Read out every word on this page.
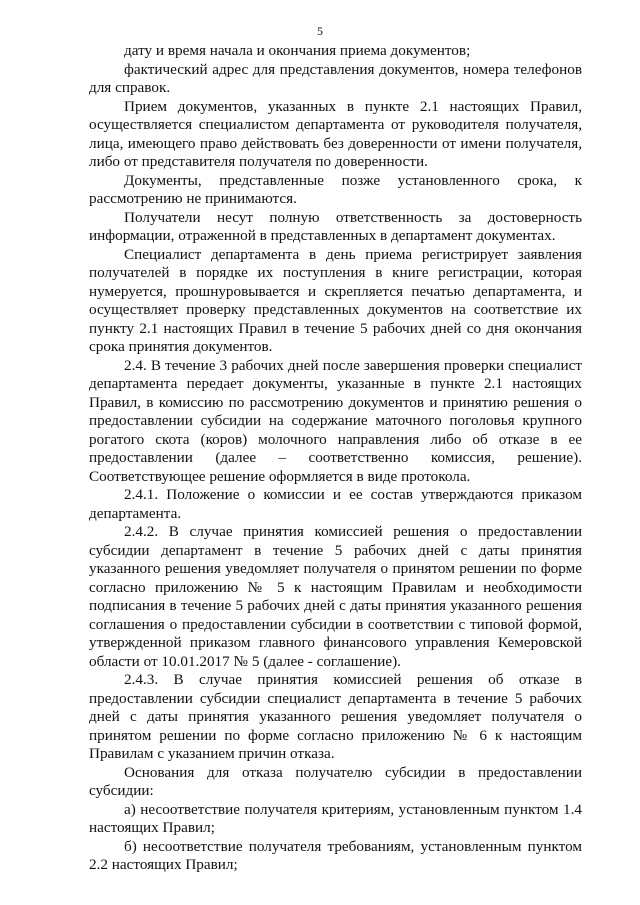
5

дату и время начала и окончания приема документов;

фактический адрес для представления документов, номера телефонов для справок.

Прием документов, указанных в пункте 2.1 настоящих Правил, осуществляется специалистом департамента от руководителя получателя, лица, имеющего право действовать без доверенности от имени получателя, либо от представителя получателя по доверенности.

Документы, представленные позже установленного срока, к рассмотрению не принимаются.

Получатели несут полную ответственность за достоверность информации, отраженной в представленных в департамент документах.

Специалист департамента в день приема регистрирует заявления получателей в порядке их поступления в книге регистрации, которая нумеруется, прошнуровывается и скрепляется печатью департамента, и осуществляет проверку представленных документов на соответствие их пункту 2.1 настоящих Правил в течение 5 рабочих дней со дня окончания срока принятия документов.

2.4. В течение 3 рабочих дней после завершения проверки специалист департамента передает документы, указанные в пункте 2.1 настоящих Правил, в комиссию по рассмотрению документов и принятию решения о предоставлении субсидии на содержание маточного поголовья крупного рогатого скота (коров) молочного направления либо об отказе в ее предоставлении (далее – соответственно комиссия, решение). Соответствующее решение оформляется в виде протокола.

2.4.1. Положение о комиссии и ее состав утверждаются приказом департамента.

2.4.2. В случае принятия комиссией решения о предоставлении субсидии департамент в течение 5 рабочих дней с даты принятия указанного решения уведомляет получателя о принятом решении по форме согласно приложению № 5 к настоящим Правилам и необходимости подписания в течение 5 рабочих дней с даты принятия указанного решения соглашения о предоставлении субсидии в соответствии с типовой формой, утвержденной приказом главного финансового управления Кемеровской области от 10.01.2017 № 5 (далее - соглашение).

2.4.3. В случае принятия комиссией решения об отказе в предоставлении субсидии специалист департамента в течение 5 рабочих дней с даты принятия указанного решения уведомляет получателя о принятом решении по форме согласно приложению № 6 к настоящим Правилам с указанием причин отказа.

Основания для отказа получателю субсидии в предоставлении субсидии:

а) несоответствие получателя критериям, установленным пунктом 1.4 настоящих Правил;

б) несоответствие получателя требованиям, установленным пунктом 2.2 настоящих Правил;
